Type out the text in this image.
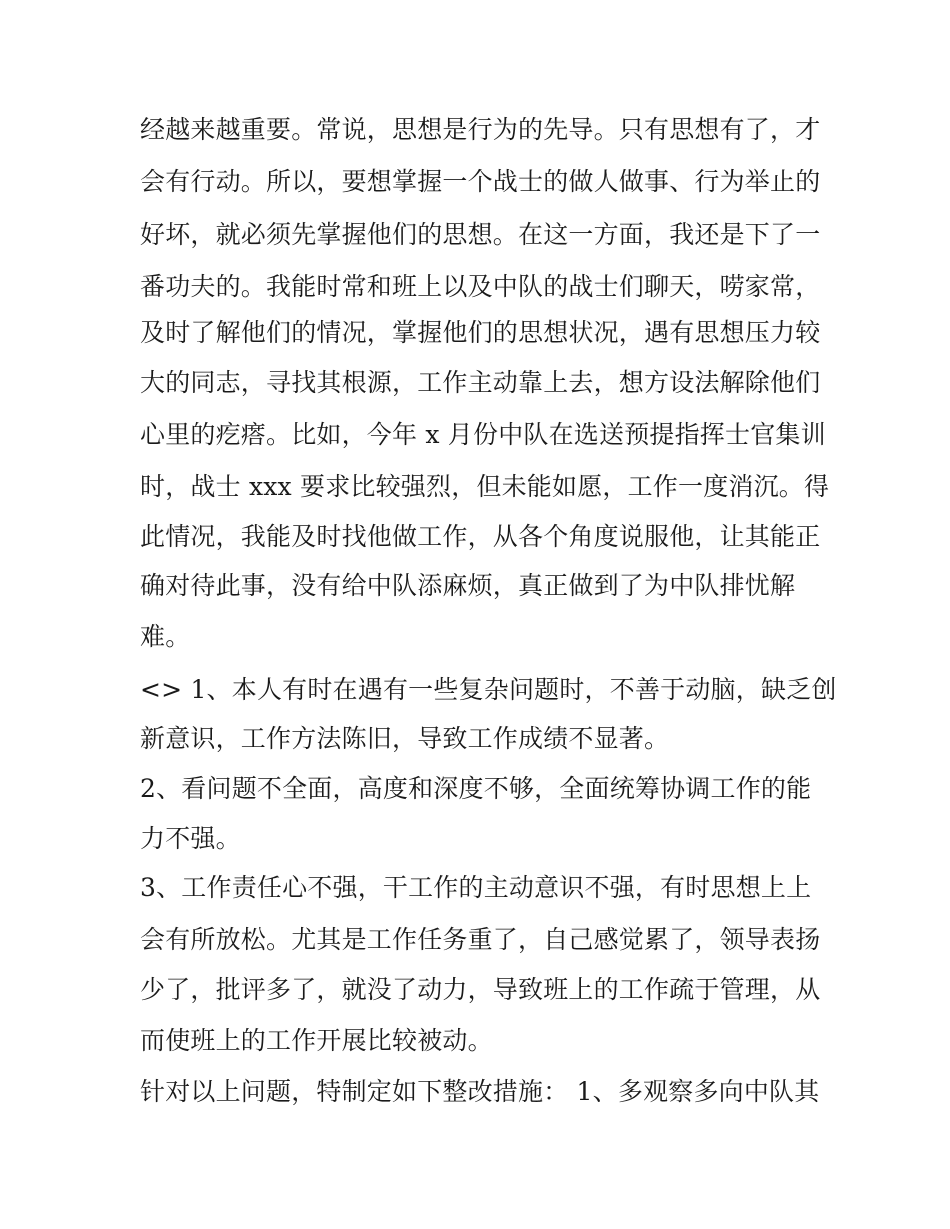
经越来越重要。常说，思想是行为的先导。只有思想有了，才
会有行动。所以，要想掌握一个战士的做人做事、行为举止的
好坏，就必须先掌握他们的思想。在这一方面，我还是下了一
番功夫的。我能时常和班上以及中队的战士们聊天，唠家常，
及时了解他们的情况，掌握他们的思想状况，遇有思想压力较
大的同志，寻找其根源，工作主动靠上去，想方设法解除他们
心里的疙瘩。比如，今年 x 月份中队在选送预提指挥士官集训
时，战士 xxx 要求比较强烈，但未能如愿，工作一度消沉。得
此情况，我能及时找他做工作，从各个角度说服他，让其能正
确对待此事，没有给中队添麻烦，真正做到了为中队排忧解
难。
<> 1、本人有时在遇有一些复杂问题时，不善于动脑，缺乏创
新意识，工作方法陈旧，导致工作成绩不显著。
2、看问题不全面，高度和深度不够，全面统筹协调工作的能
力不强。
3、工作责任心不强，干工作的主动意识不强，有时思想上上
会有所放松。尤其是工作任务重了，自己感觉累了，领导表扬
少了，批评多了，就没了动力，导致班上的工作疏于管理，从
而使班上的工作开展比较被动。
针对以上问题，特制定如下整改措施： 1、多观察多向中队其
